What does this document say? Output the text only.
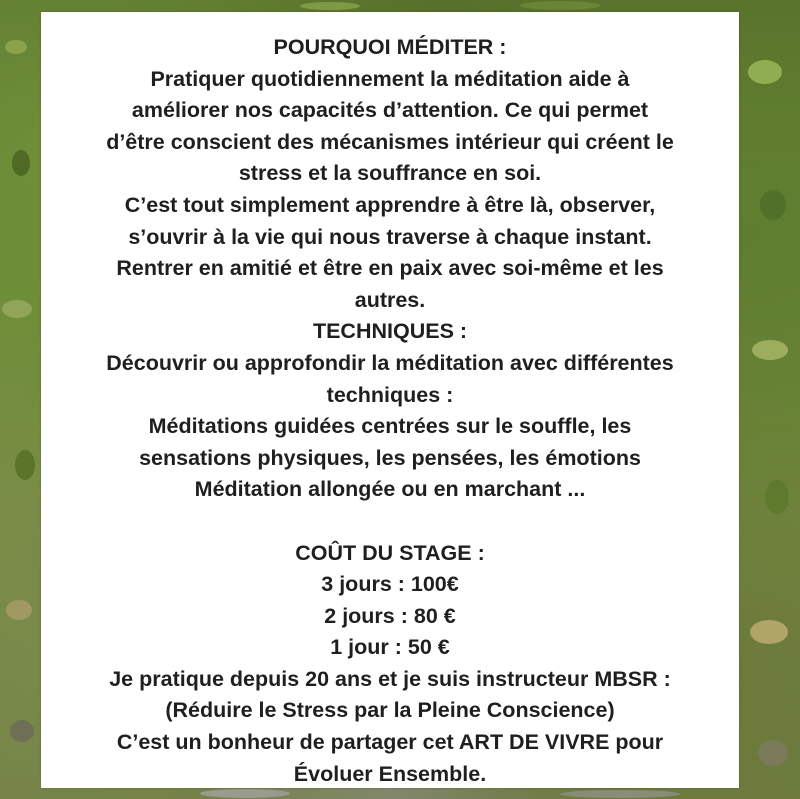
POURQUOI MÉDITER :
Pratiquer quotidiennement la méditation aide à
améliorer nos capacités d’attention. Ce qui permet
d’être conscient des mécanismes intérieur qui créent le
stress et la souffrance en soi.
C’est tout simplement apprendre à être là, observer,
s’ouvrir à la vie qui nous traverse à chaque instant.
Rentrer en amitié et être en paix avec soi-même et les
autres.
TECHNIQUES :
Découvrir ou approfondir la méditation avec différentes
techniques :
Méditations guidées centrées sur le souffle, les
sensations physiques, les pensées, les émotions
Méditation allongée ou en marchant ...
COÛT DU STAGE :
3 jours : 100€
2 jours : 80 €
1 jour : 50 €
Je pratique depuis 20 ans et je suis instructeur MBSR :
(Réduire le Stress par la Pleine Conscience)
C’est un bonheur de partager cet ART DE VIVRE pour
Évoluer Ensemble.
